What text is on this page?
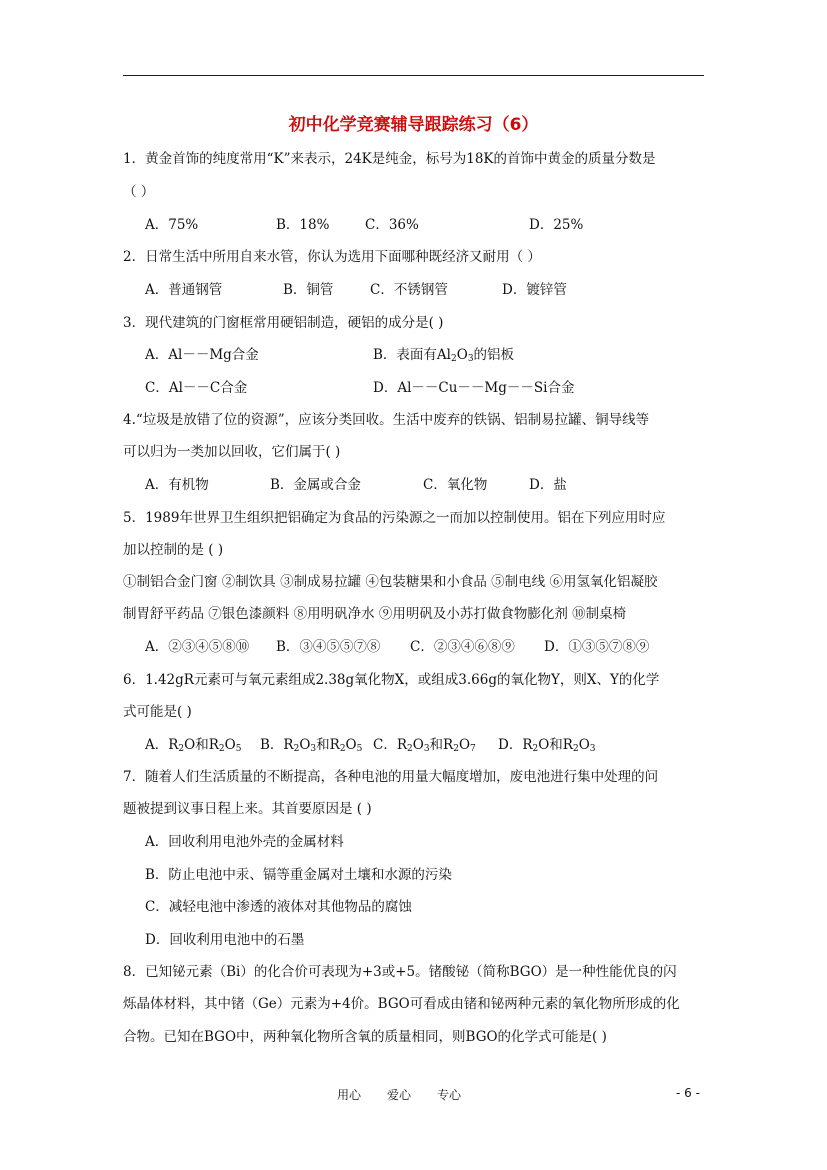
初中化学竞赛辅导跟踪练习（6）
1．黄金首饰的纯度常用“K”来表示，24K是纯金，标号为18K的首饰中黄金的质量分数是
（ ）
A．75%	B．18%	C．36%	D．25%
2．日常生活中所用自来水管，你认为选用下面哪种既经济又耐用（ ）
A．普通钢管	B．铜管	C．不锈钢管	D．镀锌管
3．现代建筑的门窗框常用硬铝制造，硬铝的成分是( )
A．Al－－Mg合金	B．表面有$Al_2O_3$的铝板
C．Al－－C合金	D．Al－－Cu－－Mg－－Si合金
4.“垃圾是放错了位的资源”，应该分类回收。生活中废弃的铁锅、铝制易拉罐、铜导线等
可以归为一类加以回收，它们属于( )
A．有机物	B．金属或合金	C．氧化物	D．盐
5．1989年世界卫生组织把铝确定为食品的污染源之一而加以控制使用。铝在下列应用时应
加以控制的是 ( )
①制铝合金门窗 ②制饮具 ③制成易拉罐 ④包装糖果和小食品 ⑤制电线 ⑥用氢氧化铝凝胶
制胃舒平药品 ⑦银色漆颜料 ⑧用明矾净水 ⑨用明矾及小苏打做食物膨化剂 ⑩制桌椅
A．②③④⑤⑧⑩ B．③④⑤⑤⑦⑧ C．②③④⑥⑧⑨ D．①③⑤⑦⑧⑨
6．1.42gR元素可与氧元素组成2.38g氧化物X，或组成3.66g的氧化物Y，则X、Y的化学
式可能是( )
A．$R_2O$和$R_2O_5$ B．$R_2O_3$和$R_2O_5$ C．$R_2O_3$和$R_2O_7$ D．$R_2O$和$R_2O_3$
7．随着人们生活质量的不断提高，各种电池的用量大幅度增加，废电池进行集中处理的问
题被提到议事日程上来。其首要原因是 ( )
A．回收利用电池外壳的金属材料
B．防止电池中汞、镉等重金属对土壤和水源的污染
C．减轻电池中渗透的液体对其他物品的腐蚀
D．回收利用电池中的石墨
8．已知铋元素（Bi）的化合价可表现为+3或+5。锗酸铋（简称BGO）是一种性能优良的闪
烁晶体材料，其中锗（Ge）元素为+4价。BGO可看成由锗和铋两种元素的氧化物所形成的化
合物。已知在BGO中，两种氧化物所含氧的质量相同，则BGO的化学式可能是( )
用心 爱心 专心	- 6 -
